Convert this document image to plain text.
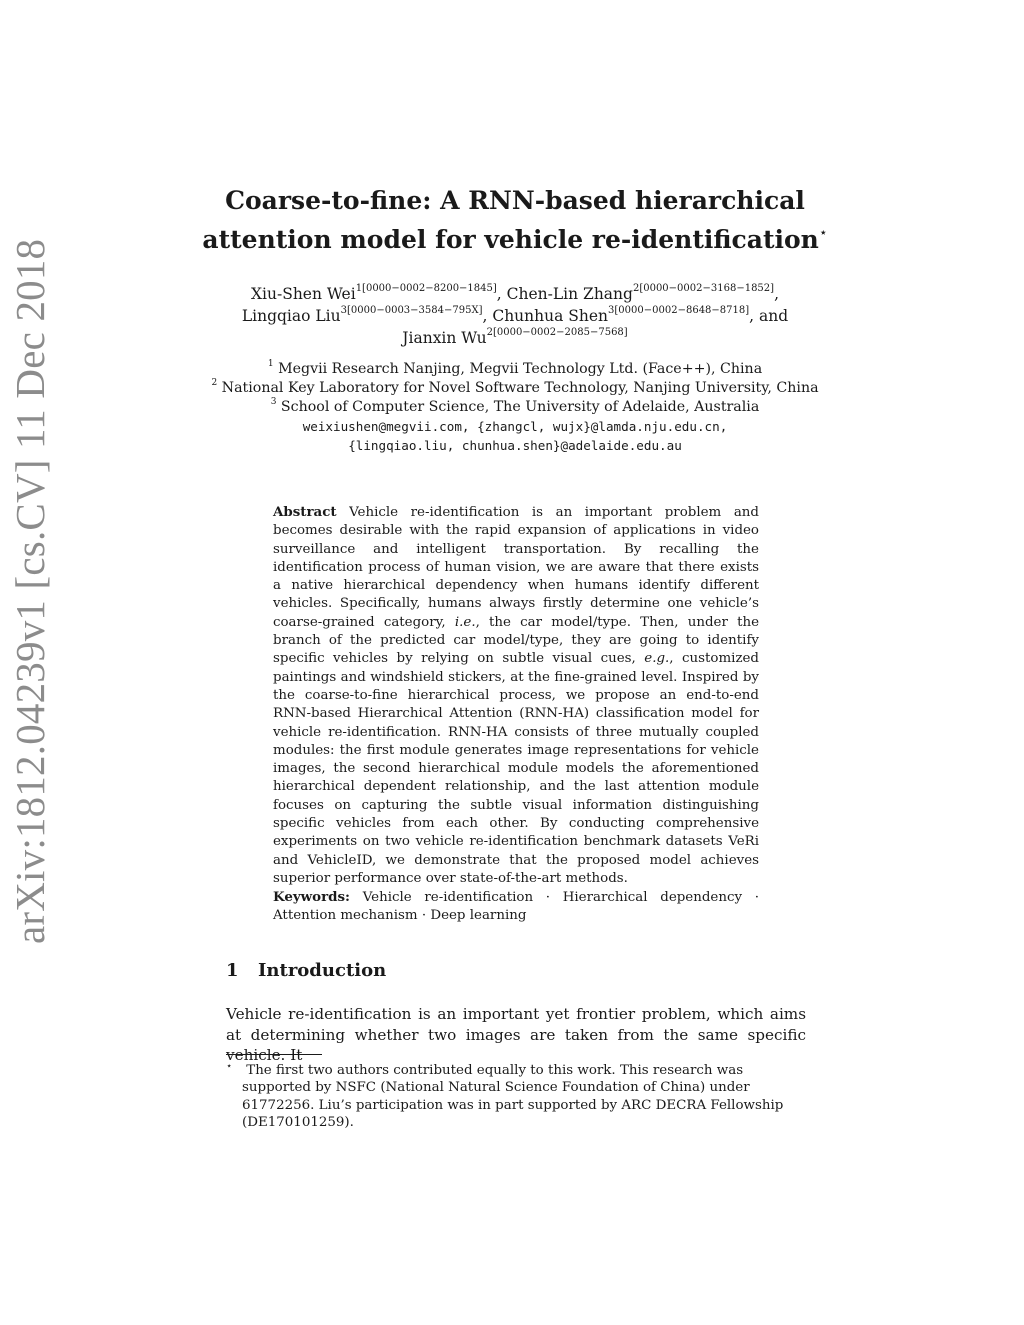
arXiv:1812.04239v1 [cs.CV] 11 Dec 2018
Coarse-to-fine: A RNN-based hierarchical
attention model for vehicle re-identification⋆
Xiu-Shen Wei$^{1[0000-0002-8200-1845]}$, Chen-Lin Zhang$^{2[0000-0002-3168-1852]}$,
Lingqiao Liu$^{3[0000-0003-3584-795X]}$, Chunhua Shen$^{3[0000-0002-8648-8718]}$, and
Jianxin $Wu^{2[0000-0002-2085-7568]}$
$^1$ Megvii Research Nanjing, Megvii Technology Ltd. (Face++), China
$^2$ National Key Laboratory for Novel Software Technology, Nanjing University, China
$^3$ School of Computer Science, The University of Adelaide, Australia
weixiushen@megvii.com, {zhangcl, wujx}@lamda.nju.edu.cn,
{lingqiao.liu, chunhua.shen}@adelaide.edu.au

Abstract Vehicle re-identification is an important problem and becomes desirable with the rapid expansion of applications in video surveillance and intelligent transportation. By recalling the identification process of human vision, we are aware that there exists a native hierarchical dependency when humans identify different vehicles. Specifically, humans always firstly determine one vehicle’s coarse-grained category, i.e., the car model/type. Then, under the branch of the predicted car model/type, they are going to identify specific vehicles by relying on subtle visual cues, e.g., customized paintings and windshield stickers, at the fine-grained level. Inspired by the coarse-to-fine hierarchical process, we propose an end-to-end RNN-based Hierarchical Attention (RNN-HA) classification model for vehicle re-identification. RNN-HA consists of three mutually coupled modules: the first module generates image representations for vehicle images, the second hierarchical module models the aforementioned hierarchical dependent relationship, and the last attention module focuses on capturing the subtle visual information distinguishing specific vehicles from each other. By conducting comprehensive experiments on two vehicle re-identification benchmark datasets VeRi and VehicleID, we demonstrate that the proposed model achieves superior performance over state-of-the-art methods.

Keywords: Vehicle re-identification · Hierarchical dependency · Attention mechanism · Deep learning

1 Introduction

Vehicle re-identification is an important yet frontier problem, which aims at determining whether two images are taken from the same specific vehicle. It

⋆ The first two authors contributed equally to this work. This research was supported by NSFC (National Natural Science Foundation of China) under 61772256. Liu’s participation was in part supported by ARC DECRA Fellowship (DE170101259).
